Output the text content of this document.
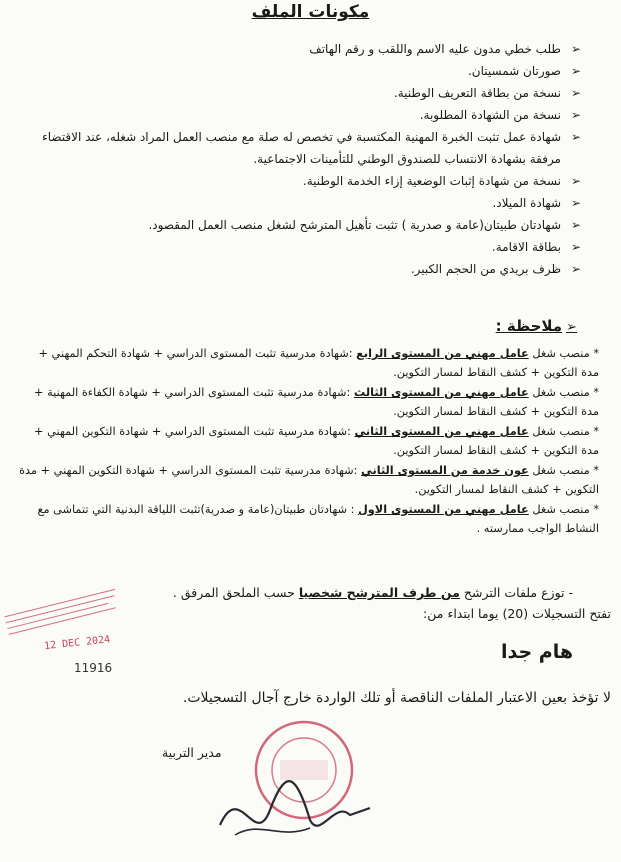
مكونات الملف
➢
طلب خطي مدون عليه الاسم واللقب و رقم الهاتف
➢
صورتان شمسيتان.
➢
نسخة من بطاقة التعريف الوطنية.
➢
نسخة من الشهادة المطلوبة.
➢
شهادة عمل تثبت الخبرة المهنية المكتسبة في تخصص له صلة مع منصب العمل المراد شغله، عند الاقتضاء مرفقة بشهادة الانتساب للصندوق الوطني للتأمينات الاجتماعية.
➢
نسخة من شهادة إثبات الوضعية إزاء الخدمة الوطنية.
➢
شهادة الميلاد.
➢
شهادتان طبيتان(عامة و صدرية ) تثبت تأهيل المترشح لشغل منصب العمل المقصود.
➢
بطاقة الاقامة.
➢
ظرف بريدي من الحجم الكبير.
➢ملاحظة :
* منصب شغل عامل مهني من المستوى الرابع :شهادة مدرسية تثبت المستوى الدراسي + شهادة التحكم المهني + مدة التكوين + كشف النقاط لمسار التكوين.
* منصب شغل عامل مهني من المستوى الثالث :شهادة مدرسية تثبت المستوى الدراسي + شهادة الكفاءة المهنية + مدة التكوين + كشف النقاط لمسار التكوين.
* منصب شغل عامل مهني من المستوى الثاني :شهادة مدرسية تثبت المستوى الدراسي + شهادة التكوين المهني + مدة التكوين + كشف النقاط لمسار التكوين.
* منصب شغل عون خدمة من المستوى الثاني :شهادة مدرسية تثبت المستوى الدراسي + شهادة التكوين المهني + مدة التكوين + كشف النقاط لمسار التكوين.
* منصب شغل عامل مهني من المستوى الاول : شهادتان طبيتان(عامة و صدرية)تثبت اللياقة البدنية التي تتماشى مع النشاط الواجب ممارسته .
- توزع ملفات الترشح من طرف المترشح شخصيا حسب الملحق المرفق .
تفتح التسجيلات (20) يوما ابتداء من:
هام جدا
لا تؤخذ بعين الاعتبار الملفات الناقصة أو تلك الواردة خارج آجال التسجيلات.
مدير التربية
12 DEC 2024
11916
